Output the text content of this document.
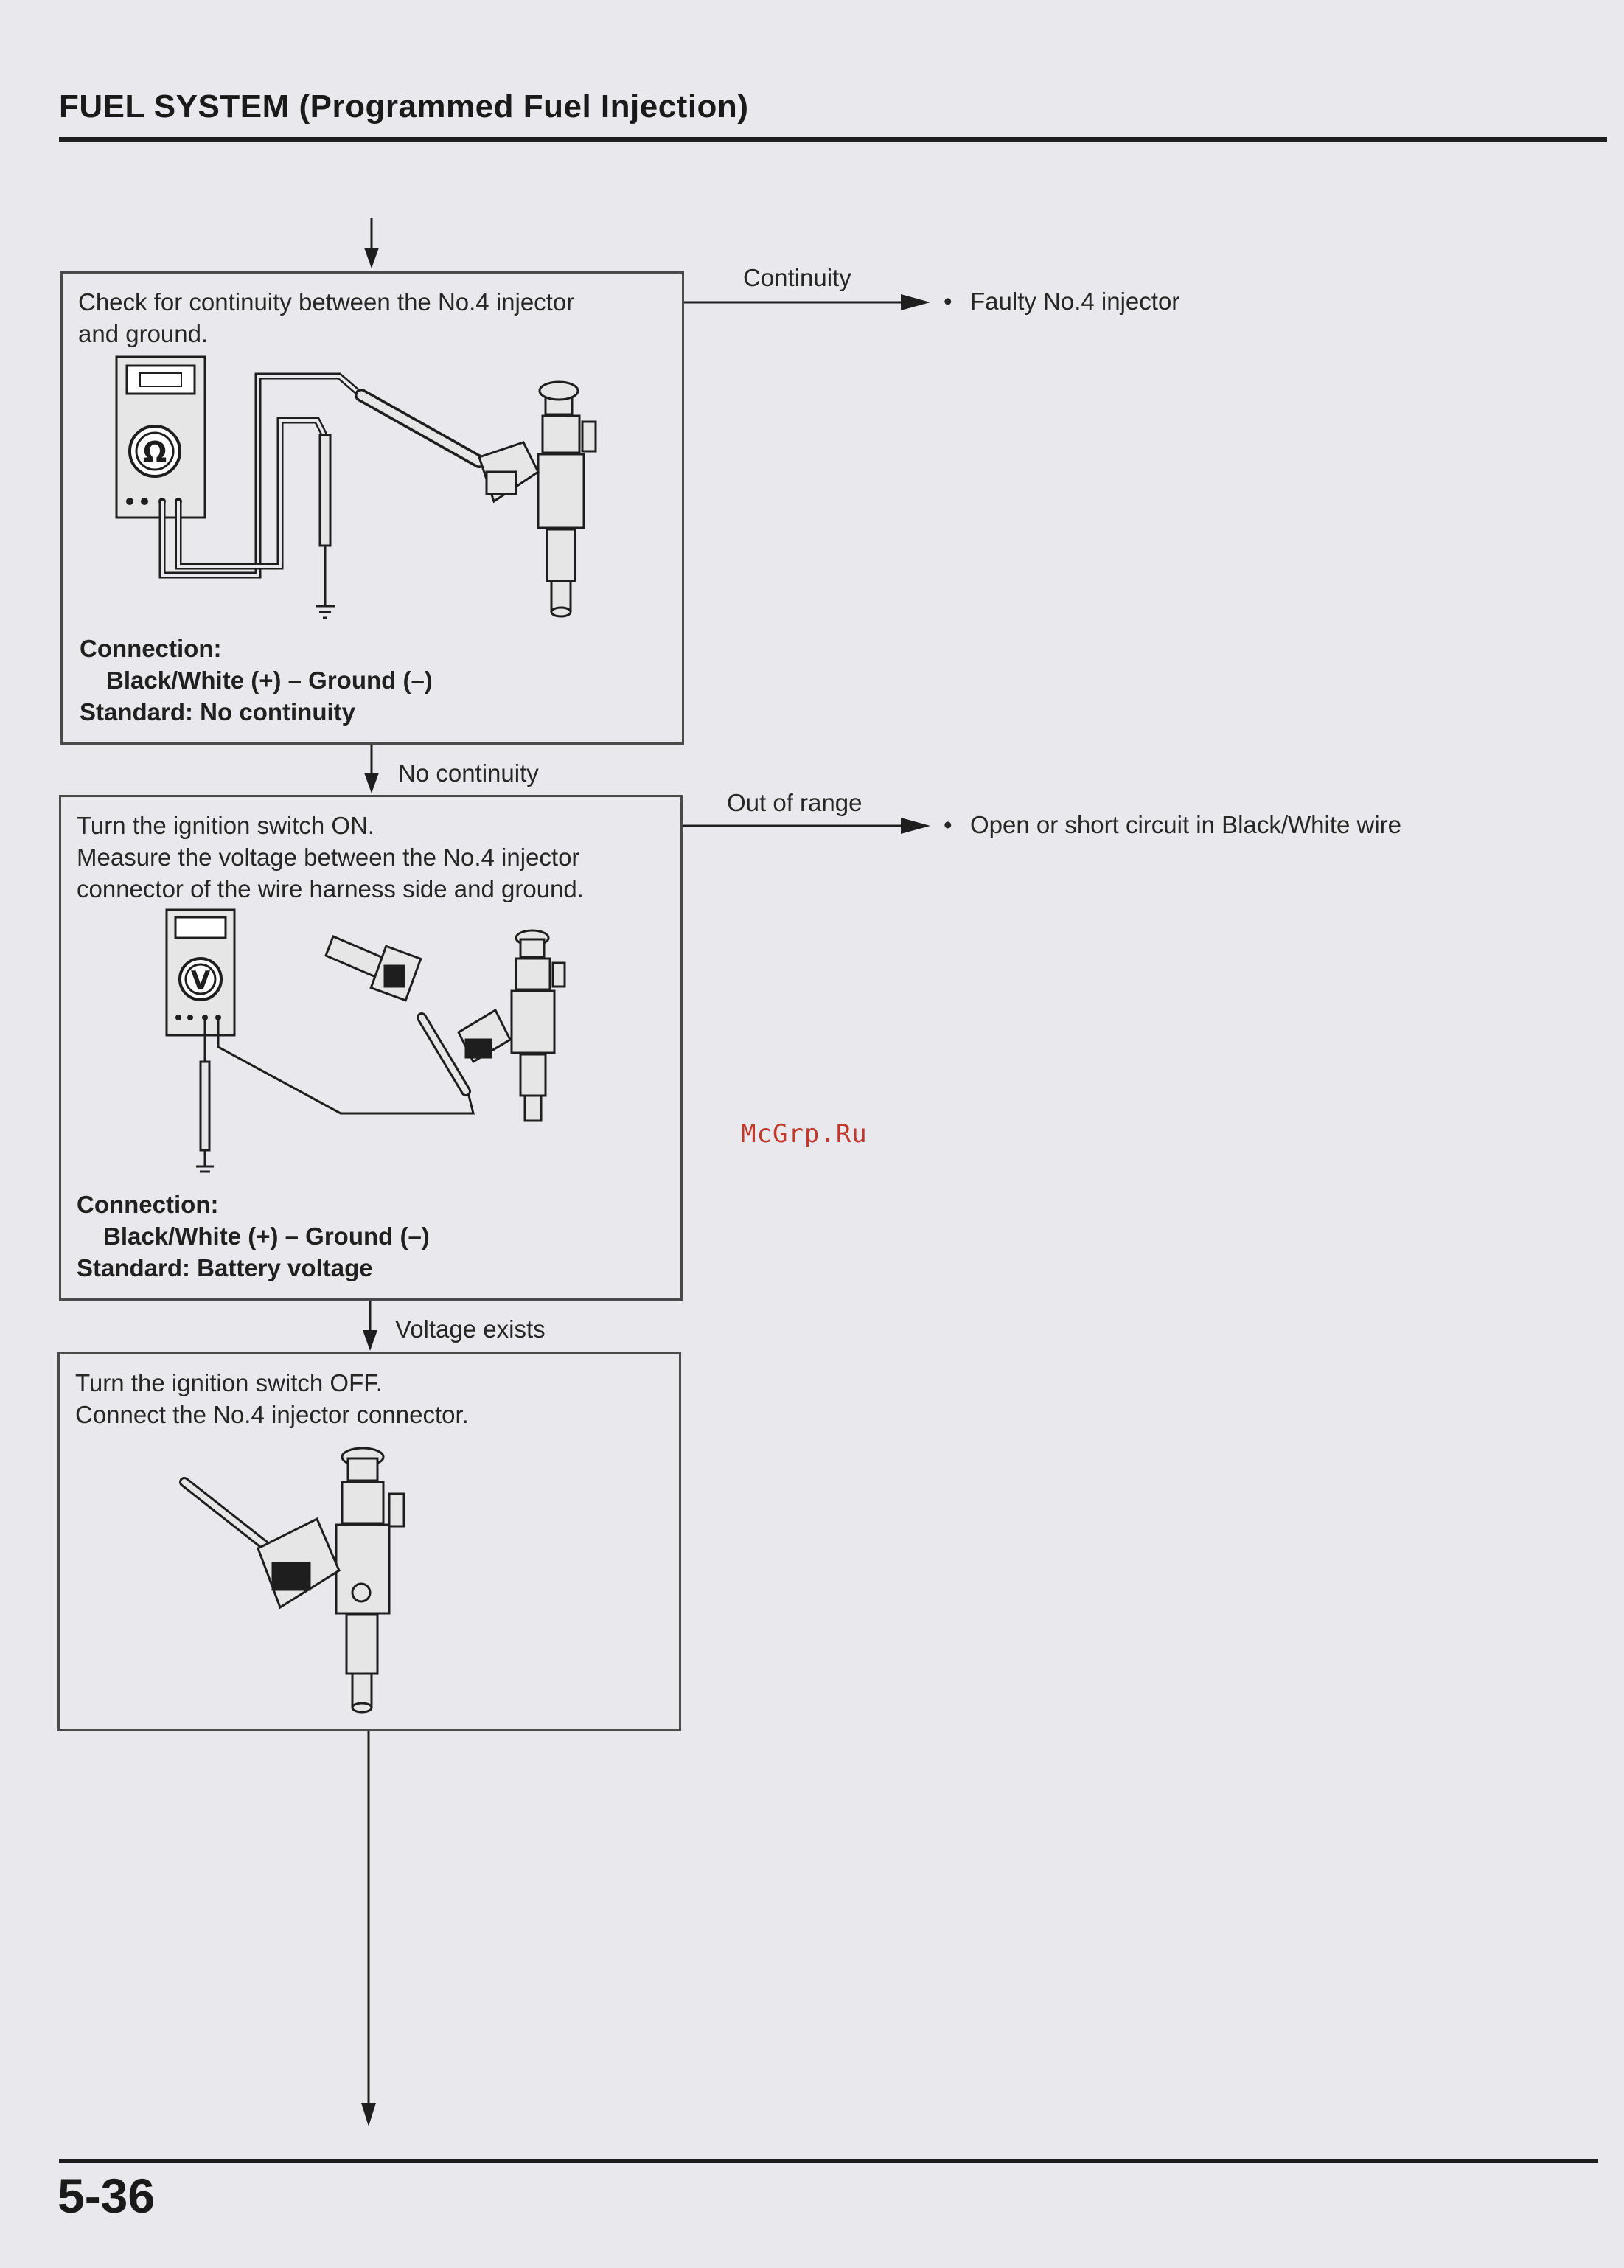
FUEL SYSTEM (Programmed Fuel Injection)
Check for continuity between the No.4 injector
and ground.
Ω
Connection:
Black/White (+) – Ground (–)
Standard: No continuity
Continuity
• Faulty No.4 injector
No continuity
Turn the ignition switch ON.
Measure the voltage between the No.4 injector
connector of the wire harness side and ground.
Out of range
• Open or short circuit in Black/White wire
V
Connection:
Black/White (+) – Ground (–)
Standard: Battery voltage
Voltage exists
Turn the ignition switch OFF.
Connect the No.4 injector connector.
McGrp.Ru
5-36
